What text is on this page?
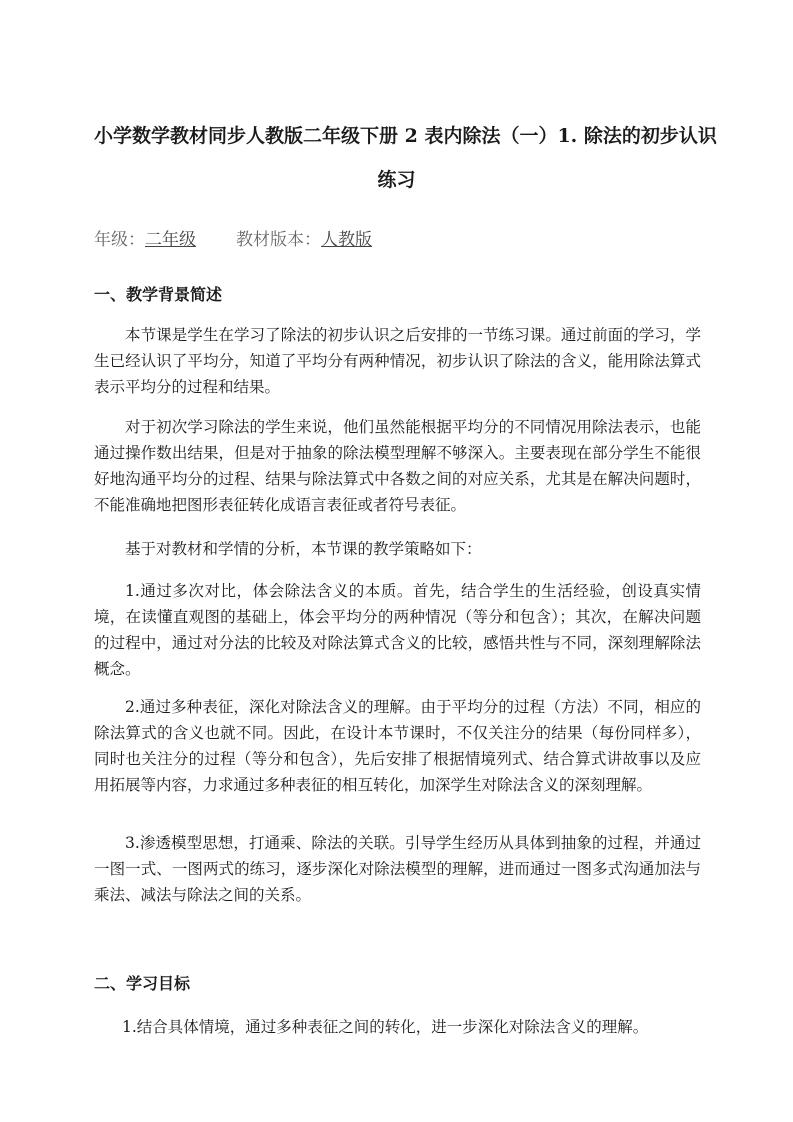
小学数学教材同步人教版二年级下册 2 表内除法（一）1. 除法的初步认识
练习
年级：二年级 教材版本：人教版
一、教学背景简述

本节课是学生在学习了除法的初步认识之后安排的一节练习课。通过前面的学习，学生已经认识了平均分，知道了平均分有两种情况，初步认识了除法的含义，能用除法算式表示平均分的过程和结果。

对于初次学习除法的学生来说，他们虽然能根据平均分的不同情况用除法表示，也能通过操作数出结果，但是对于抽象的除法模型理解不够深入。主要表现在部分学生不能很好地沟通平均分的过程、结果与除法算式中各数之间的对应关系，尤其是在解决问题时，不能准确地把图形表征转化成语言表征或者符号表征。

基于对教材和学情的分析，本节课的教学策略如下：

1.通过多次对比，体会除法含义的本质。首先，结合学生的生活经验，创设真实情境，在读懂直观图的基础上，体会平均分的两种情况（等分和包含）；其次，在解决问题的过程中，通过对分法的比较及对除法算式含义的比较，感悟共性与不同，深刻理解除法概念。

2.通过多种表征，深化对除法含义的理解。由于平均分的过程（方法）不同，相应的除法算式的含义也就不同。因此，在设计本节课时，不仅关注分的结果（每份同样多），同时也关注分的过程（等分和包含），先后安排了根据情境列式、结合算式讲故事以及应用拓展等内容，力求通过多种表征的相互转化，加深学生对除法含义的深刻理解。

3.渗透模型思想，打通乘、除法的关联。引导学生经历从具体到抽象的过程，并通过一图一式、一图两式的练习，逐步深化对除法模型的理解，进而通过一图多式沟通加法与乘法、减法与除法之间的关系。

二、学习目标
1.结合具体情境，通过多种表征之间的转化，进一步深化对除法含义的理解。
